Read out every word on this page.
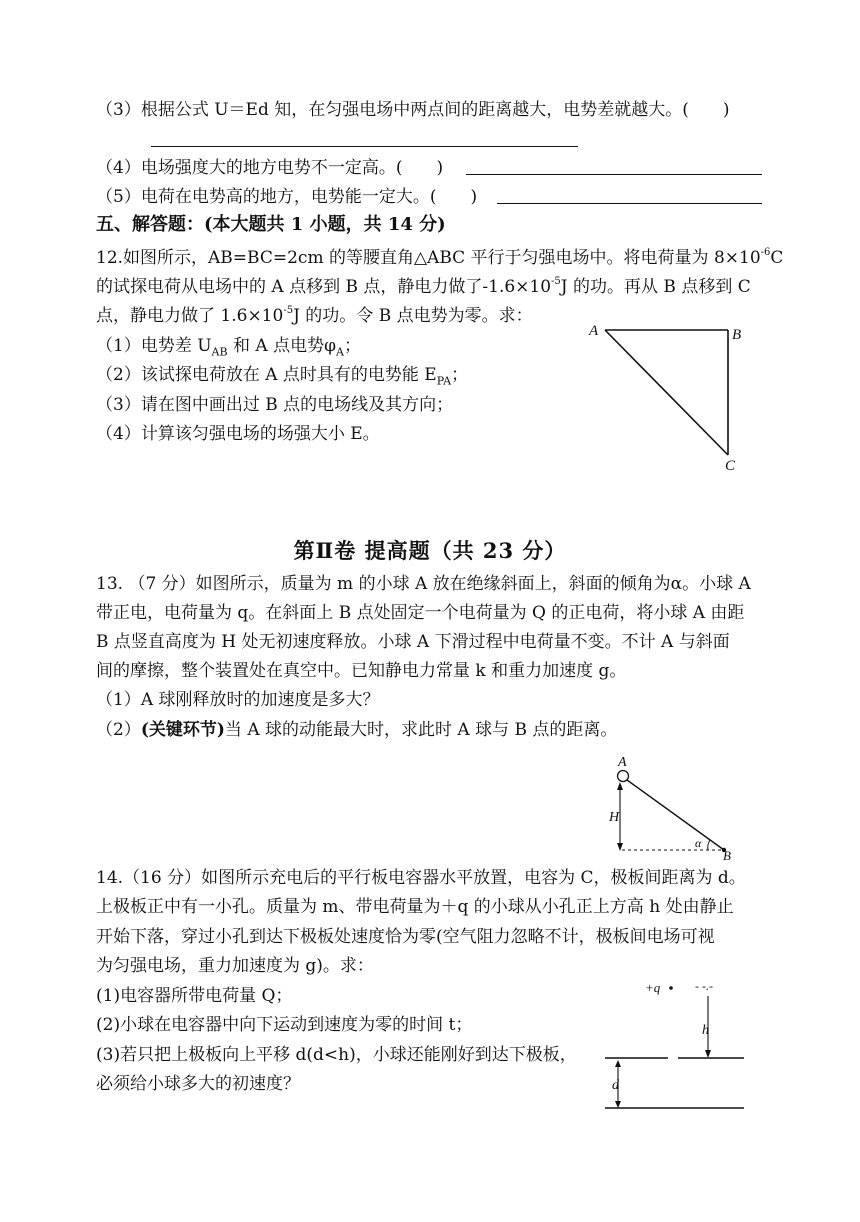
（3）根据公式 U＝Ed 知，在匀强电场中两点间的距离越大，电势差就越大。(　　)
（4）电场强度大的地方电势不一定高。(　　)
（5）电荷在电势高的地方，电势能一定大。(　　)
五、解答题：(本大题共 1 小题，共 14 分)
12.如图所示，AB=BC=2cm 的等腰直角△ABC 平行于匀强电场中。将电荷量为 $8\times 10^{-6}C$
的试探电荷从电场中的 A 点移到 B 点，静电力做了$-1.6\times 10^{-5}J$ 的功。再从 B 点移到 C
点，静电力做了 $1.6\times 10^{-5}J$ 的功。令 B 点电势为零。求：
（1）电势差 $U_{AB}$ 和 A 点电势$\varphi_A$；
（2）该试探电荷放在 A 点时具有的电势能 $E_{PA}$；
（3）请在图中画出过 B 点的电场线及其方向；
（4）计算该匀强电场的场强大小 E。
A	B
C
第Ⅱ卷 提高题（共 23 分）
13. （7 分）如图所示，质量为 m 的小球 A 放在绝缘斜面上，斜面的倾角为α。小球 A
带正电，电荷量为 q。在斜面上 B 点处固定一个电荷量为 Q 的正电荷，将小球 A 由距
B 点竖直高度为 H 处无初速度释放。小球 A 下滑过程中电荷量不变。不计 A 与斜面
间的摩擦，整个装置处在真空中。已知静电力常量 k 和重力加速度 g。
（1）A 球刚释放时的加速度是多大？
（2）(关键环节)当 A 球的动能最大时，求此时 A 球与 B 点的距离。
A
H
α
B
14.（16 分）如图所示充电后的平行板电容器水平放置，电容为 C，极板间距离为 d。
上极板正中有一小孔。质量为 m、带电荷量为＋q 的小球从小孔正上方高 h 处由静止
开始下落，穿过小孔到达下极板处速度恰为零(空气阻力忽略不计，极板间电场可视
为匀强电场，重力加速度为 g)。求：
(1)电容器所带电荷量 Q；
(2)小球在电容器中向下运动到速度为零的时间 t；
(3)若只把上极板向上平移 d(d<h)，小球还能刚好到达下极板，
必须给小球多大的初速度？
+q	- -.-
h
d
